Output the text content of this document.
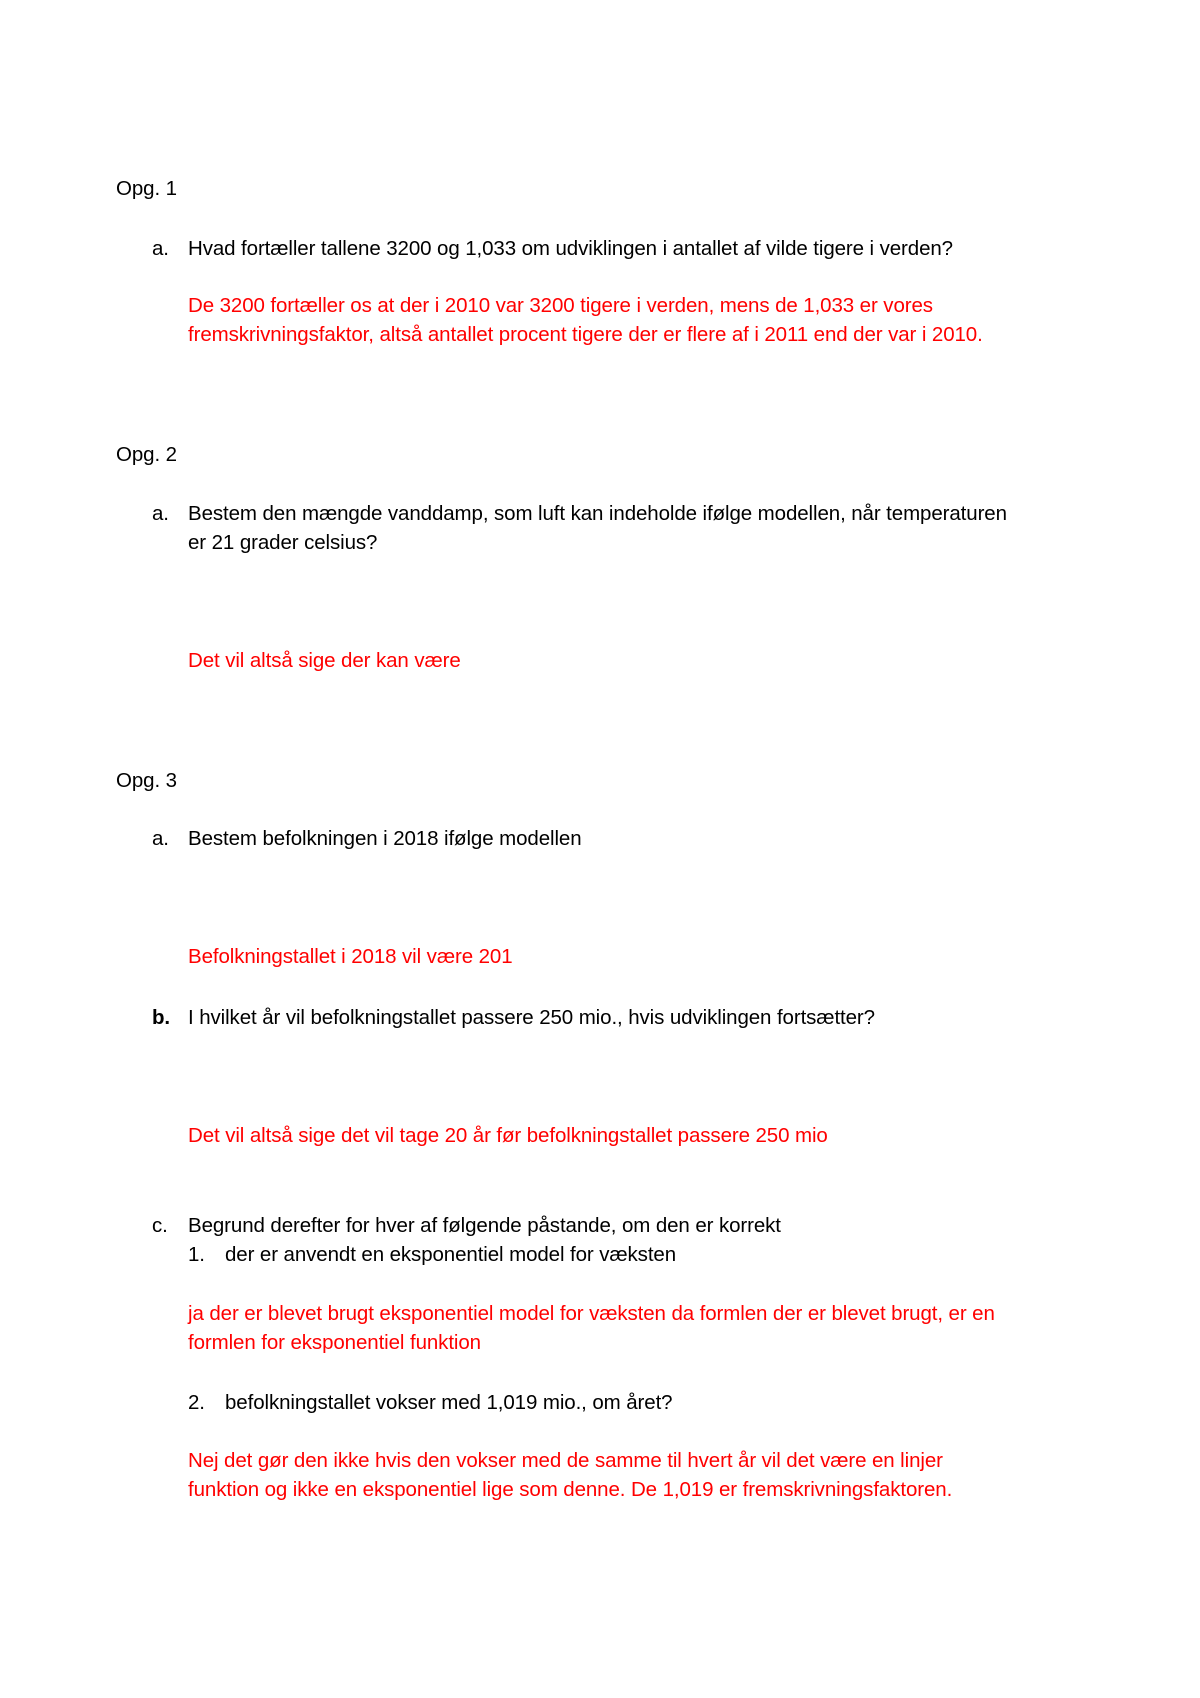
Opg. 1
a. Hvad fortæller tallene 3200 og 1,033 om udviklingen i antallet af vilde tigere i verden?
De 3200 fortæller os at der i 2010 var 3200 tigere i verden, mens de 1,033 er vores
fremskrivningsfaktor, altså antallet procent tigere der er flere af i 2011 end der var i 2010.
Opg. 2
a. Bestem den mængde vanddamp, som luft kan indeholde ifølge modellen, når temperaturen
er 21 grader celsius?
Det vil altså sige der kan være
Opg. 3
a. Bestem befolkningen i 2018 ifølge modellen
Befolkningstallet i 2018 vil være 201
b. I hvilket år vil befolkningstallet passere 250 mio., hvis udviklingen fortsætter?
Det vil altså sige det vil tage 20 år før befolkningstallet passere 250 mio
c. Begrund derefter for hver af følgende påstande, om den er korrekt
1. der er anvendt en eksponentiel model for væksten
ja der er blevet brugt eksponentiel model for væksten da formlen der er blevet brugt, er en
formlen for eksponentiel funktion
2. befolkningstallet vokser med 1,019 mio., om året?
Nej det gør den ikke hvis den vokser med de samme til hvert år vil det være en linjer
funktion og ikke en eksponentiel lige som denne. De 1,019 er fremskrivningsfaktoren.
